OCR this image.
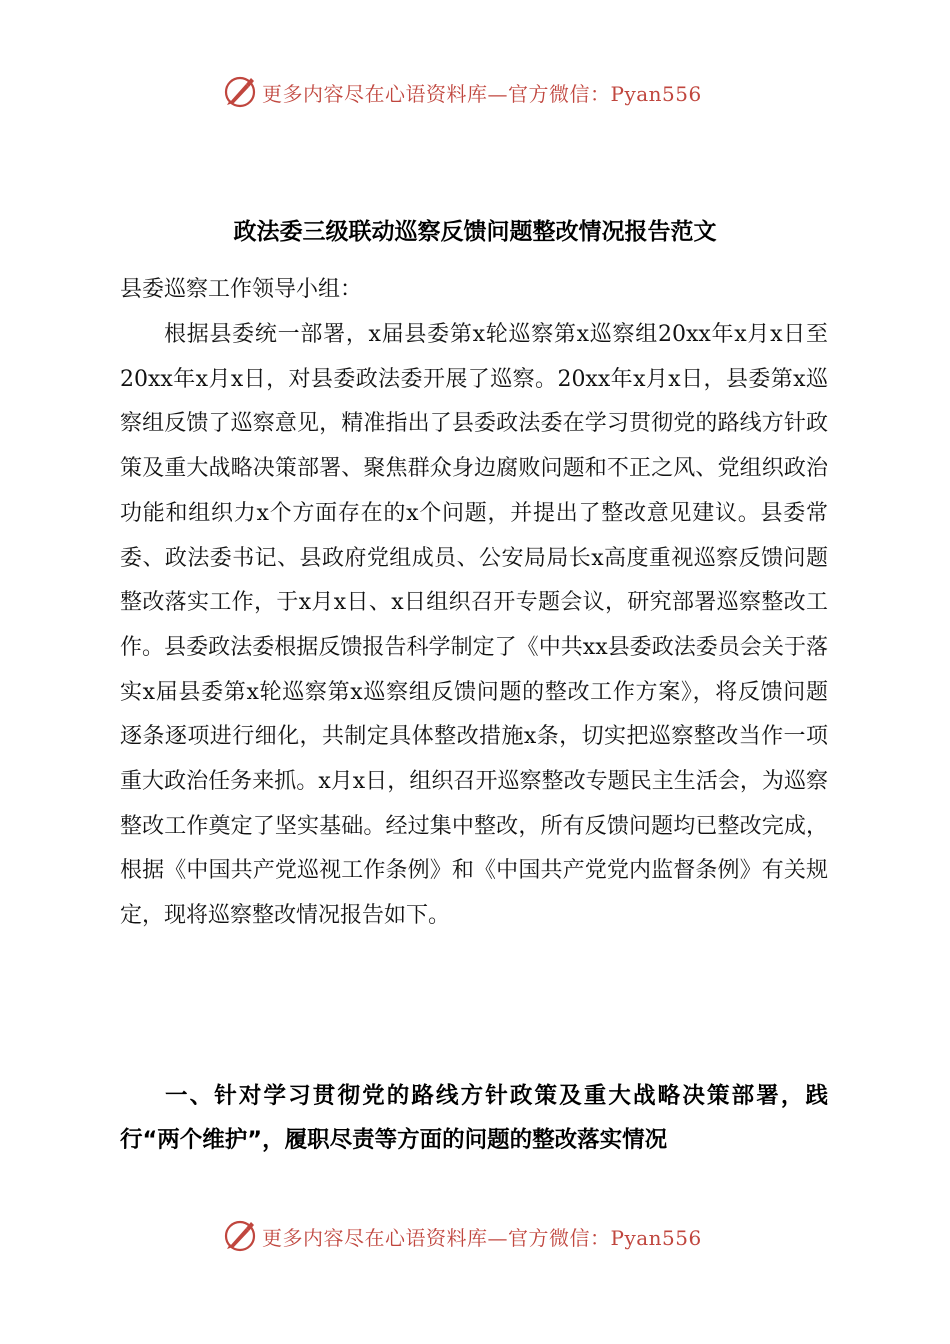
更多内容尽在心语资料库—官方微信：Pyan556
政法委三级联动巡察反馈问题整改情况报告范文
县委巡察工作领导小组：

根据县委统一部署，x届县委第x轮巡察第x巡察组20xx年x月x日至20xx年x月x日，对县委政法委开展了巡察。20xx年x月x日，县委第x巡察组反馈了巡察意见，精准指出了县委政法委在学习贯彻党的路线方针政策及重大战略决策部署、聚焦群众身边腐败问题和不正之风、党组织政治功能和组织力x个方面存在的x个问题，并提出了整改意见建议。县委常委、政法委书记、县政府党组成员、公安局局长x高度重视巡察反馈问题整改落实工作，于x月x日、x日组织召开专题会议，研究部署巡察整改工作。县委政法委根据反馈报告科学制定了《中共xx县委政法委员会关于落实x届县委第x轮巡察第x巡察组反馈问题的整改工作方案》，将反馈问题逐条逐项进行细化，共制定具体整改措施x条，切实把巡察整改当作一项重大政治任务来抓。x月x日，组织召开巡察整改专题民主生活会，为巡察整改工作奠定了坚实基础。经过集中整改，所有反馈问题均已整改完成，根据《中国共产党巡视工作条例》和《中国共产党党内监督条例》有关规定，现将巡察整改情况报告如下。

一、针对学习贯彻党的路线方针政策及重大战略决策部署，践行“两个维护”，履职尽责等方面的问题的整改落实情况

更多内容尽在心语资料库—官方微信：Pyan556
